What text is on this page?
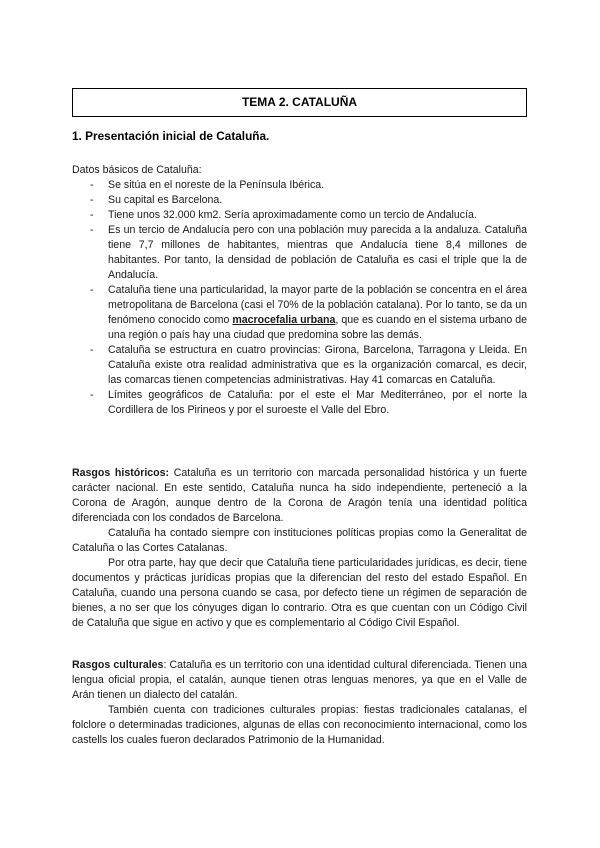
TEMA 2. CATALUÑA
1. Presentación inicial de Cataluña.
Datos básicos de Cataluña:
- Se sitúa en el noreste de la Península Ibérica.
- Su capital es Barcelona.
- Tiene unos 32.000 km2. Sería aproximadamente como un tercio de Andalucía.
- Es un tercio de Andalucía pero con una población muy parecida a la andaluza. Cataluña tiene 7,7 millones de habitantes, mientras que Andalucía tiene 8,4 millones de habitantes. Por tanto, la densidad de población de Cataluña es casi el triple que la de Andalucía.
- Cataluña tiene una particularidad, la mayor parte de la población se concentra en el área metropolitana de Barcelona (casi el 70% de la población catalana). Por lo tanto, se da un fenómeno conocido como macrocefalia urbana, que es cuando en el sistema urbano de una región o país hay una ciudad que predomina sobre las demás.
- Cataluña se estructura en cuatro provincias: Girona, Barcelona, Tarragona y Lleida. En Cataluña existe otra realidad administrativa que es la organización comarcal, es decir, las comarcas tienen competencias administrativas. Hay 41 comarcas en Cataluña.
- Límites geográficos de Cataluña: por el este el Mar Mediterráneo, por el norte la Cordillera de los Pirineos y por el suroeste el Valle del Ebro.

Rasgos históricos: Cataluña es un territorio con marcada personalidad histórica y un fuerte carácter nacional. En este sentido, Cataluña nunca ha sido independiente, perteneció a la Corona de Aragón, aunque dentro de la Corona de Aragón tenía una identidad política diferenciada con los condados de Barcelona.

Cataluña ha contado siempre con instituciones políticas propias como la Generalitat de Cataluña o las Cortes Catalanas.

Por otra parte, hay que decir que Cataluña tiene particularidades jurídicas, es decir, tiene documentos y prácticas jurídicas propias que la diferencian del resto del estado Español. En Cataluña, cuando una persona cuando se casa, por defecto tiene un régimen de separación de bienes, a no ser que los cónyuges digan lo contrario. Otra es que cuentan con un Código Civil de Cataluña que sigue en activo y que es complementario al Código Civil Español.

Rasgos culturales: Cataluña es un territorio con una identidad cultural diferenciada. Tienen una lengua oficial propia, el catalán, aunque tienen otras lenguas menores, ya que en el Valle de Arán tienen un dialecto del catalán.

También cuenta con tradiciones culturales propias: fiestas tradicionales catalanas, el folclore o determinadas tradiciones, algunas de ellas con reconocimiento internacional, como los castells los cuales fueron declarados Patrimonio de la Humanidad.
